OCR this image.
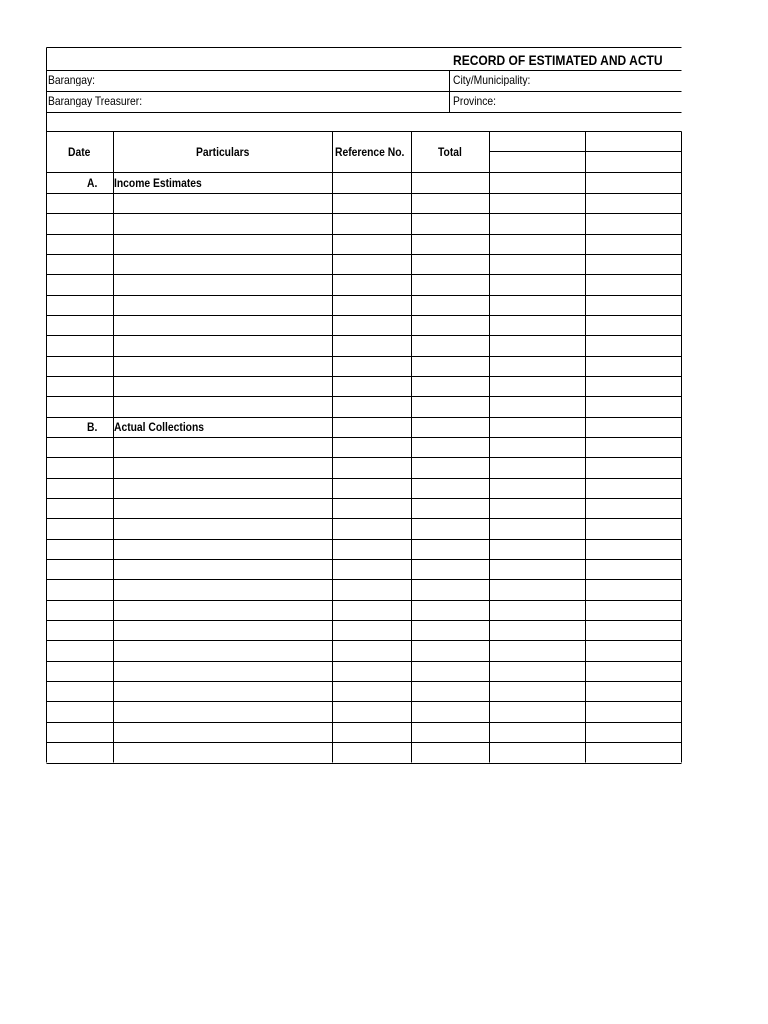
RECORD OF ESTIMATED AND ACTU
Barangay:	City/Municipality:
Barangay Treasurer:	Province:
Date	Particulars	Reference No.	Total
A. Income Estimates
B. Actual Collections
